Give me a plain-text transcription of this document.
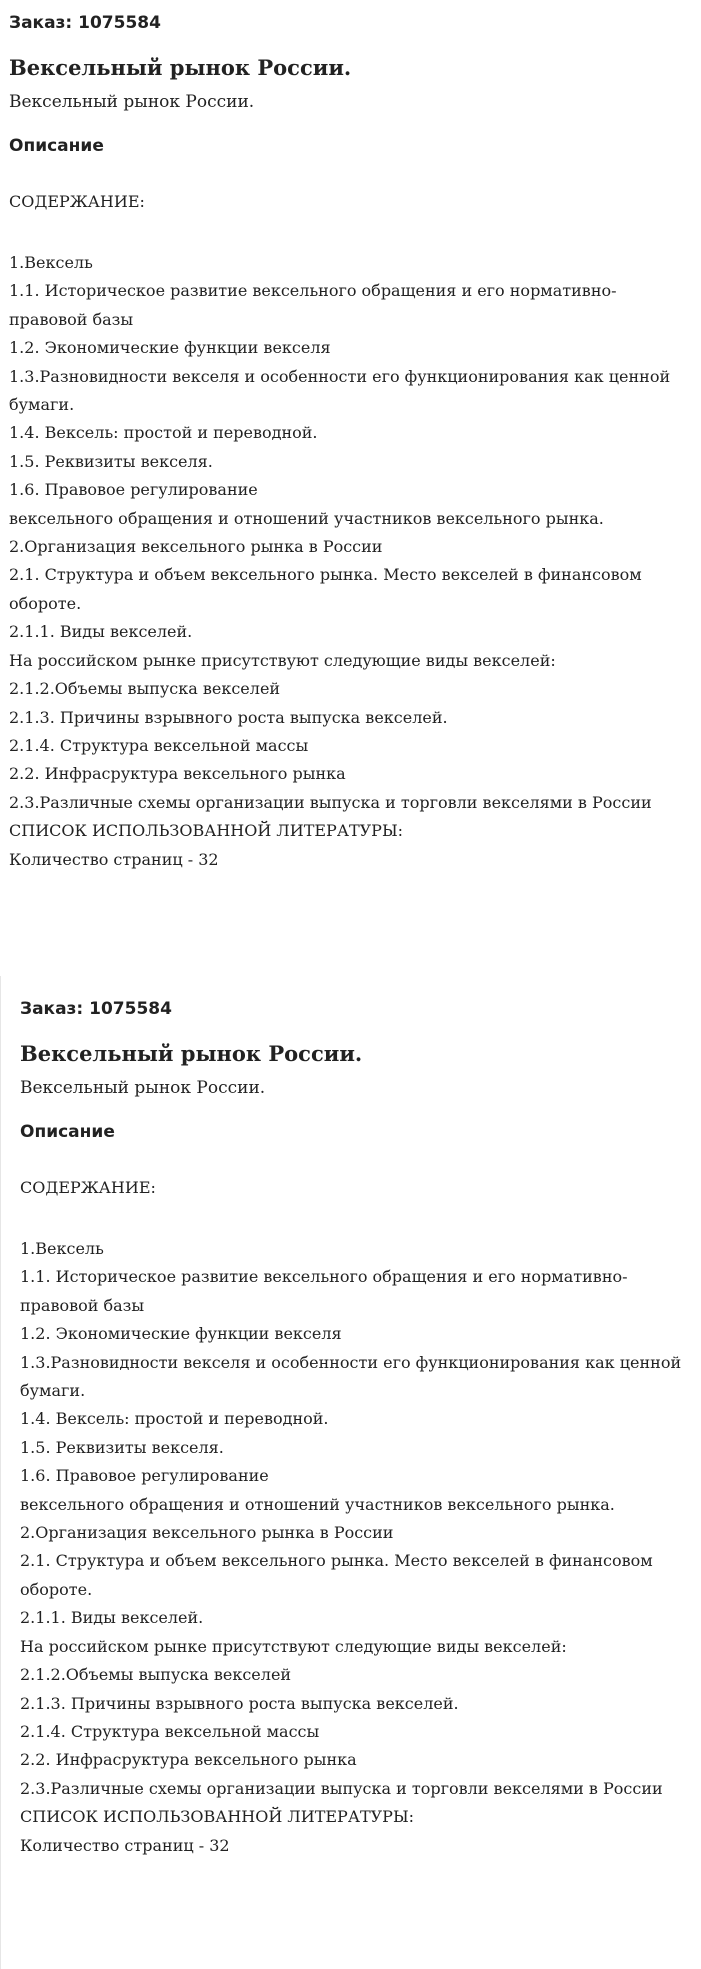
Заказ: 1075584

Вексельный рынок России.

Вексельный рынок России.

Описание

СОДЕРЖАНИЕ:

1.Вексель
1.1. Историческое развитие вексельного обращения и его нормативно-правовой базы
1.2. Экономические функции векселя
1.3.Разновидности векселя и особенности его функционирования как ценной бумаги.
1.4. Вексель: простой и переводной.
1.5. Реквизиты векселя.
1.6. Правовое регулирование
вексельного обращения и отношений участников вексельного рынка.
2.Организация вексельного рынка в России
2.1. Структура и объем вексельного рынка. Место векселей в финансовом обороте.
2.1.1. Виды векселей.
На российском рынке присутствуют следующие виды векселей:
2.1.2.Объемы выпуска векселей
2.1.3. Причины взрывного роста выпуска векселей.
2.1.4. Структура вексельной массы
2.2. Инфрасруктура вексельного рынка
2.3.Различные схемы организации выпуска и торговли векселями в России
СПИСОК ИСПОЛЬЗОВАННОЙ ЛИТЕРАТУРЫ:

Количество страниц - 32

Заказ: 1075584

Вексельный рынок России.

Вексельный рынок России.

Описание

СОДЕРЖАНИЕ:

1.Вексель
1.1. Историческое развитие вексельного обращения и его нормативно-правовой базы
1.2. Экономические функции векселя
1.3.Разновидности векселя и особенности его функционирования как ценной бумаги.
1.4. Вексель: простой и переводной.
1.5. Реквизиты векселя.
1.6. Правовое регулирование
вексельного обращения и отношений участников вексельного рынка.
2.Организация вексельного рынка в России
2.1. Структура и объем вексельного рынка. Место векселей в финансовом обороте.
2.1.1. Виды векселей.
На российском рынке присутствуют следующие виды векселей:
2.1.2.Объемы выпуска векселей
2.1.3. Причины взрывного роста выпуска векселей.
2.1.4. Структура вексельной массы
2.2. Инфрасруктура вексельного рынка
2.3.Различные схемы организации выпуска и торговли векселями в России
СПИСОК ИСПОЛЬЗОВАННОЙ ЛИТЕРАТУРЫ:

Количество страниц - 32
